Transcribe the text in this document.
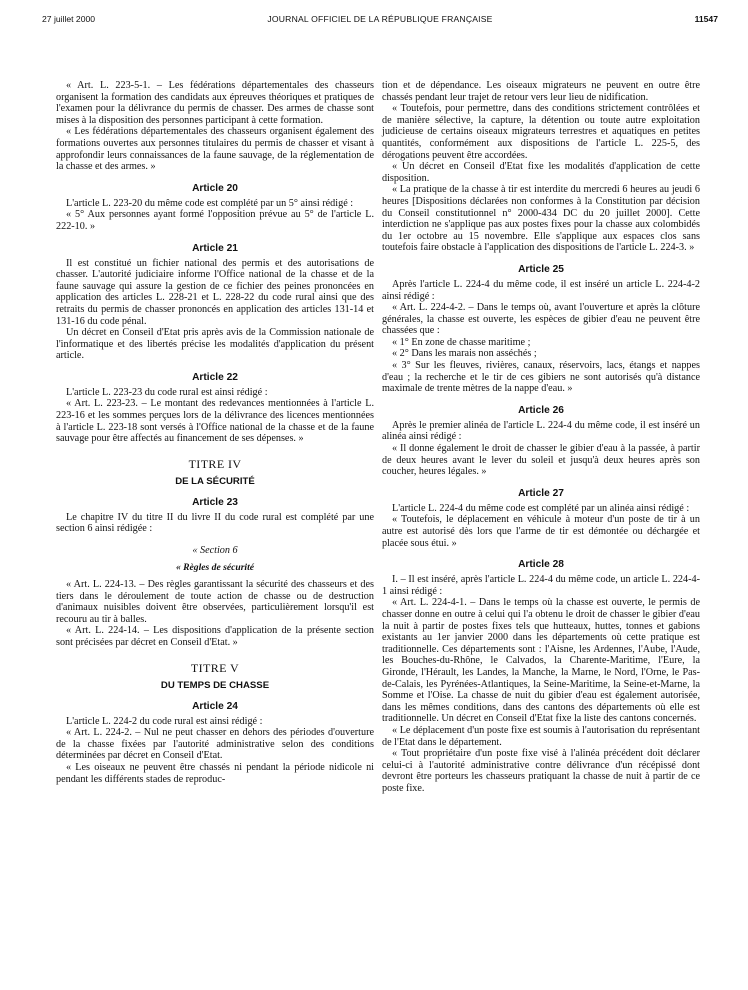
27 juillet 2000	JOURNAL OFFICIEL DE LA RÉPUBLIQUE FRANÇAISE	11547

« Art. L. 223-5-1. – Les fédérations départementales des chasseurs organisent la formation des candidats aux épreuves théoriques et pratiques de l'examen pour la délivrance du permis de chasser. Des armes de chasse sont mises à la disposition des personnes participant à cette formation.

« Les fédérations départementales des chasseurs organisent également des formations ouvertes aux personnes titulaires du permis de chasser et visant à approfondir leurs connaissances de la faune sauvage, de la réglementation de la chasse et des armes. »

Article 20

L'article L. 223-20 du même code est complété par un 5° ainsi rédigé :

« 5° Aux personnes ayant formé l'opposition prévue au 5° de l'article L. 222-10. »

Article 21

Il est constitué un fichier national des permis et des autorisations de chasser. L'autorité judiciaire informe l'Office national de la chasse et de la faune sauvage qui assure la gestion de ce fichier des peines prononcées en application des articles L. 228-21 et L. 228-22 du code rural ainsi que des retraits du permis de chasser prononcés en application des articles 131-14 et 131-16 du code pénal.

Un décret en Conseil d'Etat pris après avis de la Commission nationale de l'informatique et des libertés précise les modalités d'application du présent article.

Article 22

L'article L. 223-23 du code rural est ainsi rédigé :

« Art. L. 223-23. – Le montant des redevances mentionnées à l'article L. 223-16 et les sommes perçues lors de la délivrance des licences mentionnées à l'article L. 223-18 sont versés à l'Office national de la chasse et de la faune sauvage pour être affectés au financement de ses dépenses. »

TITRE IV
DE LA SÉCURITÉ
Article 23

Le chapitre IV du titre II du livre II du code rural est complété par une section 6 ainsi rédigée :

« Section 6
« Règles de sécurité

« Art. L. 224-13. – Des règles garantissant la sécurité des chasseurs et des tiers dans le déroulement de toute action de chasse ou de destruction d'animaux nuisibles doivent être observées, particulièrement lorsqu'il est recouru au tir à balles.

« Art. L. 224-14. – Les dispositions d'application de la présente section sont précisées par décret en Conseil d'Etat. »

TITRE V
DU TEMPS DE CHASSE
Article 24

L'article L. 224-2 du code rural est ainsi rédigé :

« Art. L. 224-2. – Nul ne peut chasser en dehors des périodes d'ouverture de la chasse fixées par l'autorité administrative selon des conditions déterminées par décret en Conseil d'Etat.

« Les oiseaux ne peuvent être chassés ni pendant la période nidicole ni pendant les différents stades de reproduc-

tion et de dépendance. Les oiseaux migrateurs ne peuvent en outre être chassés pendant leur trajet de retour vers leur lieu de nidification.

« Toutefois, pour permettre, dans des conditions strictement contrôlées et de manière sélective, la capture, la détention ou toute autre exploitation judicieuse de certains oiseaux migrateurs terrestres et aquatiques en petites quantités, conformément aux dispositions de l'article L. 225-5, des dérogations peuvent être accordées.

« Un décret en Conseil d'Etat fixe les modalités d'application de cette disposition.

« La pratique de la chasse à tir est interdite du mercredi 6 heures au jeudi 6 heures [Dispositions déclarées non conformes à la Constitution par décision du Conseil constitutionnel n° 2000-434 DC du 20 juillet 2000]. Cette interdiction ne s'applique pas aux postes fixes pour la chasse aux colombidés du 1er octobre au 15 novembre. Elle s'applique aux espaces clos sans toutefois faire obstacle à l'application des dispositions de l'article L. 224-3. »

Article 25

Après l'article L. 224-4 du même code, il est inséré un article L. 224-4-2 ainsi rédigé :

« Art. L. 224-4-2. – Dans le temps où, avant l'ouverture et après la clôture générales, la chasse est ouverte, les espèces de gibier d'eau ne peuvent être chassées que :

« 1° En zone de chasse maritime ;

« 2° Dans les marais non asséchés ;

« 3° Sur les fleuves, rivières, canaux, réservoirs, lacs, étangs et nappes d'eau ; la recherche et le tir de ces gibiers ne sont autorisés qu'à distance maximale de trente mètres de la nappe d'eau. »

Article 26

Après le premier alinéa de l'article L. 224-4 du même code, il est inséré un alinéa ainsi rédigé :

« Il donne également le droit de chasser le gibier d'eau à la passée, à partir de deux heures avant le lever du soleil et jusqu'à deux heures après son coucher, heures légales. »

Article 27

L'article L. 224-4 du même code est complété par un alinéa ainsi rédigé :

« Toutefois, le déplacement en véhicule à moteur d'un poste de tir à un autre est autorisé dès lors que l'arme de tir est démontée ou déchargée et placée sous étui. »

Article 28

I. – Il est inséré, après l'article L. 224-4 du même code, un article L. 224-4-1 ainsi rédigé :

« Art. L. 224-4-1. – Dans le temps où la chasse est ouverte, le permis de chasser donne en outre à celui qui l'a obtenu le droit de chasser le gibier d'eau la nuit à partir de postes fixes tels que hutteaux, huttes, tonnes et gabions existants au 1er janvier 2000 dans les départements où cette pratique est traditionnelle. Ces départements sont : l'Aisne, les Ardennes, l'Aube, l'Aude, les Bouches-du-Rhône, le Calvados, la Charente-Maritime, l'Eure, la Gironde, l'Hérault, les Landes, la Manche, la Marne, le Nord, l'Orne, le Pas-de-Calais, les Pyrénées-Atlantiques, la Seine-Maritime, la Seine-et-Marne, la Somme et l'Oise. La chasse de nuit du gibier d'eau est également autorisée, dans les mêmes conditions, dans des cantons des départements où elle est traditionnelle. Un décret en Conseil d'Etat fixe la liste des cantons concernés.

« Le déplacement d'un poste fixe est soumis à l'autorisation du représentant de l'Etat dans le département.

« Tout propriétaire d'un poste fixe visé à l'alinéa précédent doit déclarer celui-ci à l'autorité administrative contre délivrance d'un récépissé dont devront être porteurs les chasseurs pratiquant la chasse de nuit à partir de ce poste fixe.
